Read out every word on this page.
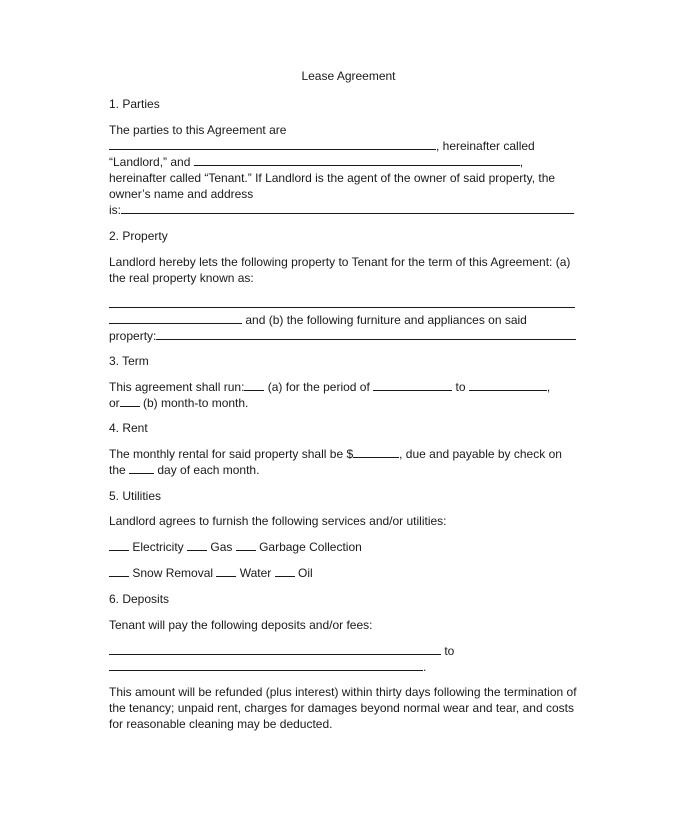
Lease Agreement
1. Parties
The parties to this Agreement are
, hereinafter called
“Landlord,” and	,
hereinafter called “Tenant.” If Landlord is the agent of the owner of said property, the
owner’s name and address
is:
2. Property
Landlord hereby lets the following property to Tenant for the term of this Agreement: (a)
the real property known as:
and (b) the following furniture and appliances on said
property:
3. Term
This agreement shall run: (a) for the period of	to	,
or (b) month-to month.
4. Rent
The monthly rental for said property shall be $	, due and payable by check on
the	day of each month.
5. Utilities
Landlord agrees to furnish the following services and/or utilities:
Electricity Gas Garbage Collection
Snow Removal Water Oil
6. Deposits
Tenant will pay the following deposits and/or fees:
to
.
This amount will be refunded (plus interest) within thirty days following the termination of
the tenancy; unpaid rent, charges for damages beyond normal wear and tear, and costs
for reasonable cleaning may be deducted.
